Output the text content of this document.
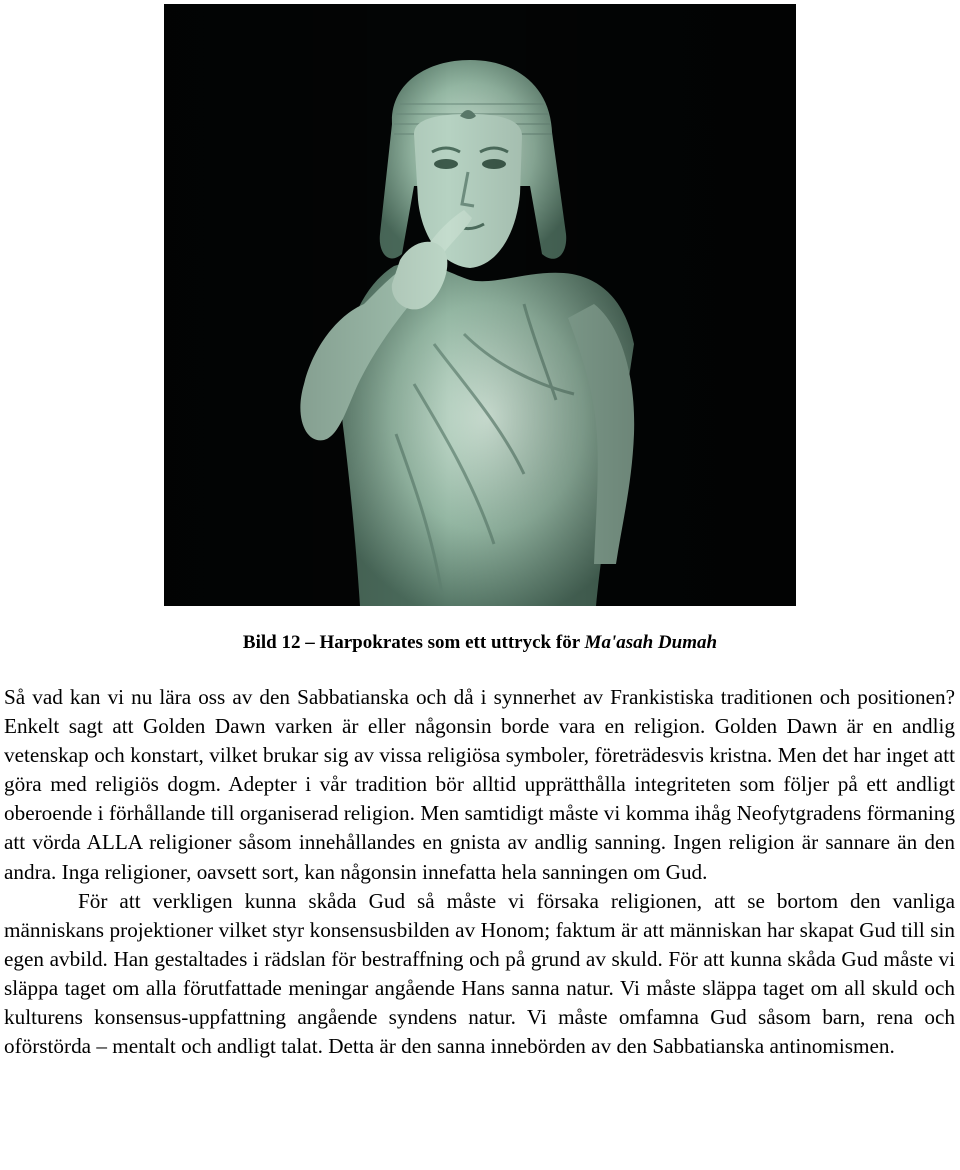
Bild 12 – Harpokrates som ett uttryck för Ma'asah Dumah

Så vad kan vi nu lära oss av den Sabbatianska och då i synnerhet av Frankistiska traditionen och positionen? Enkelt sagt att Golden Dawn varken är eller någonsin borde vara en religion. Golden Dawn är en andlig vetenskap och konstart, vilket brukar sig av vissa religiösa symboler, företrädesvis kristna. Men det har inget att göra med religiös dogm. Adepter i vår tradition bör alltid upprätthålla integriteten som följer på ett andligt oberoende i förhållande till organiserad religion. Men samtidigt måste vi komma ihåg Neofytgradens förmaning att vörda ALLA religioner såsom innehållandes en gnista av andlig sanning. Ingen religion är sannare än den andra. Inga religioner, oavsett sort, kan någonsin innefatta hela sanningen om Gud.

För att verkligen kunna skåda Gud så måste vi försaka religionen, att se bortom den vanliga människans projektioner vilket styr konsensusbilden av Honom; faktum är att människan har skapat Gud till sin egen avbild. Han gestaltades i rädslan för bestraffning och på grund av skuld. För att kunna skåda Gud måste vi släppa taget om alla förutfattade meningar angående Hans sanna natur. Vi måste släppa taget om all skuld och kulturens konsensus-uppfattning angående syndens natur. Vi måste omfamna Gud såsom barn, rena och oförstörda – mentalt och andligt talat. Detta är den sanna innebörden av den Sabbatianska antinomismen.
